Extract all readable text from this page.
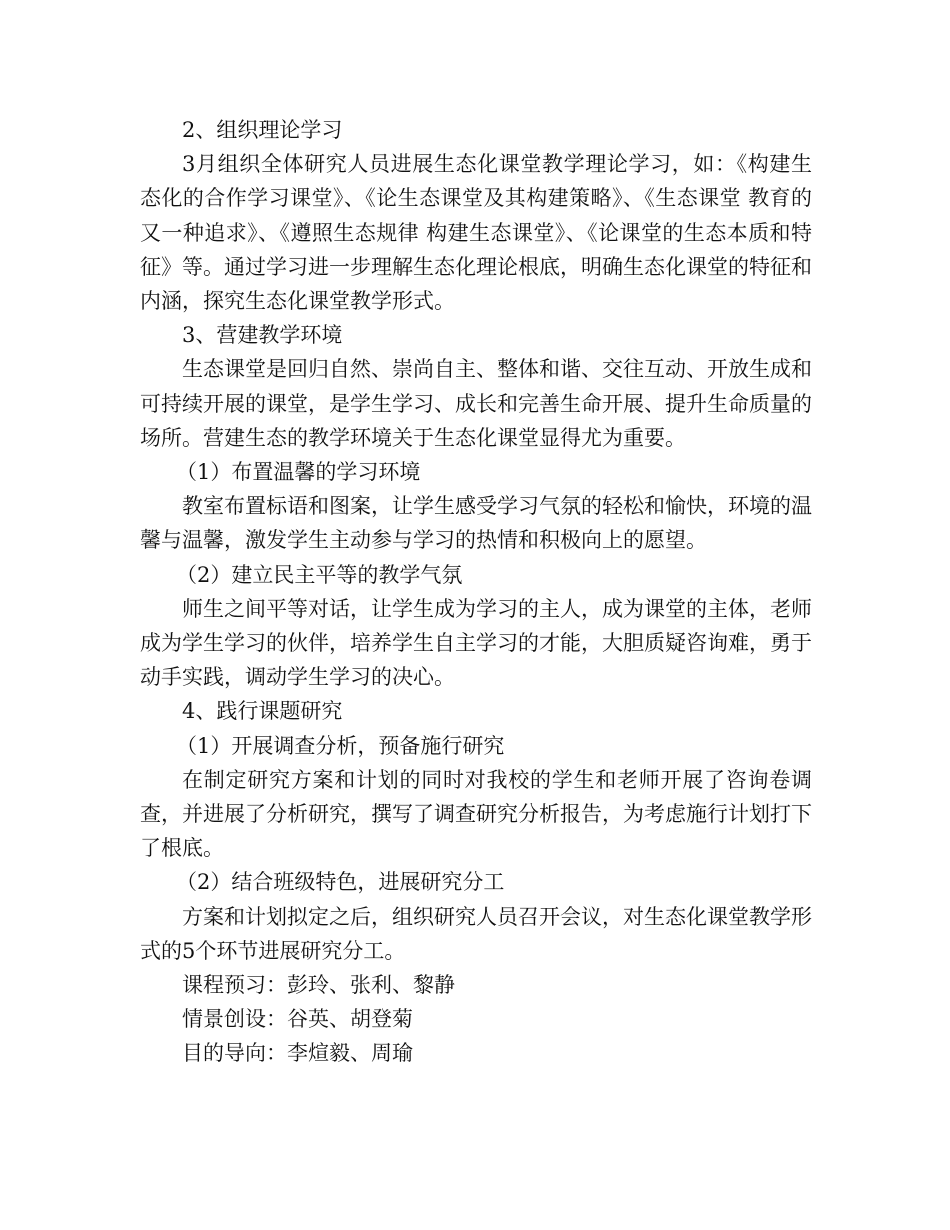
2、组织理论学习

3月组织全体研究人员进展生态化课堂教学理论学习，如：《构建生态化的合作学习课堂》、《论生态课堂及其构建策略》、《生态课堂 教育的又一种追求》、《遵照生态规律 构建生态课堂》、《论课堂的生态本质和特征》等。通过学习进一步理解生态化理论根底，明确生态化课堂的特征和内涵，探究生态化课堂教学形式。

3、营建教学环境

生态课堂是回归自然、崇尚自主、整体和谐、交往互动、开放生成和可持续开展的课堂，是学生学习、成长和完善生命开展、提升生命质量的场所。营建生态的教学环境关于生态化课堂显得尤为重要。

（1）布置温馨的学习环境

教室布置标语和图案，让学生感受学习气氛的轻松和愉快，环境的温馨与温馨，激发学生主动参与学习的热情和积极向上的愿望。

（2）建立民主平等的教学气氛

师生之间平等对话，让学生成为学习的主人，成为课堂的主体，老师成为学生学习的伙伴，培养学生自主学习的才能，大胆质疑咨询难，勇于动手实践，调动学生学习的决心。

4、践行课题研究

（1）开展调查分析，预备施行研究

在制定研究方案和计划的同时对我校的学生和老师开展了咨询卷调查，并进展了分析研究，撰写了调查研究分析报告，为考虑施行计划打下了根底。

（2）结合班级特色，进展研究分工

方案和计划拟定之后，组织研究人员召开会议，对生态化课堂教学形式的5个环节进展研究分工。

课程预习：彭玲、张利、黎静

情景创设：谷英、胡登菊

目的导向：李煊毅、周瑜
